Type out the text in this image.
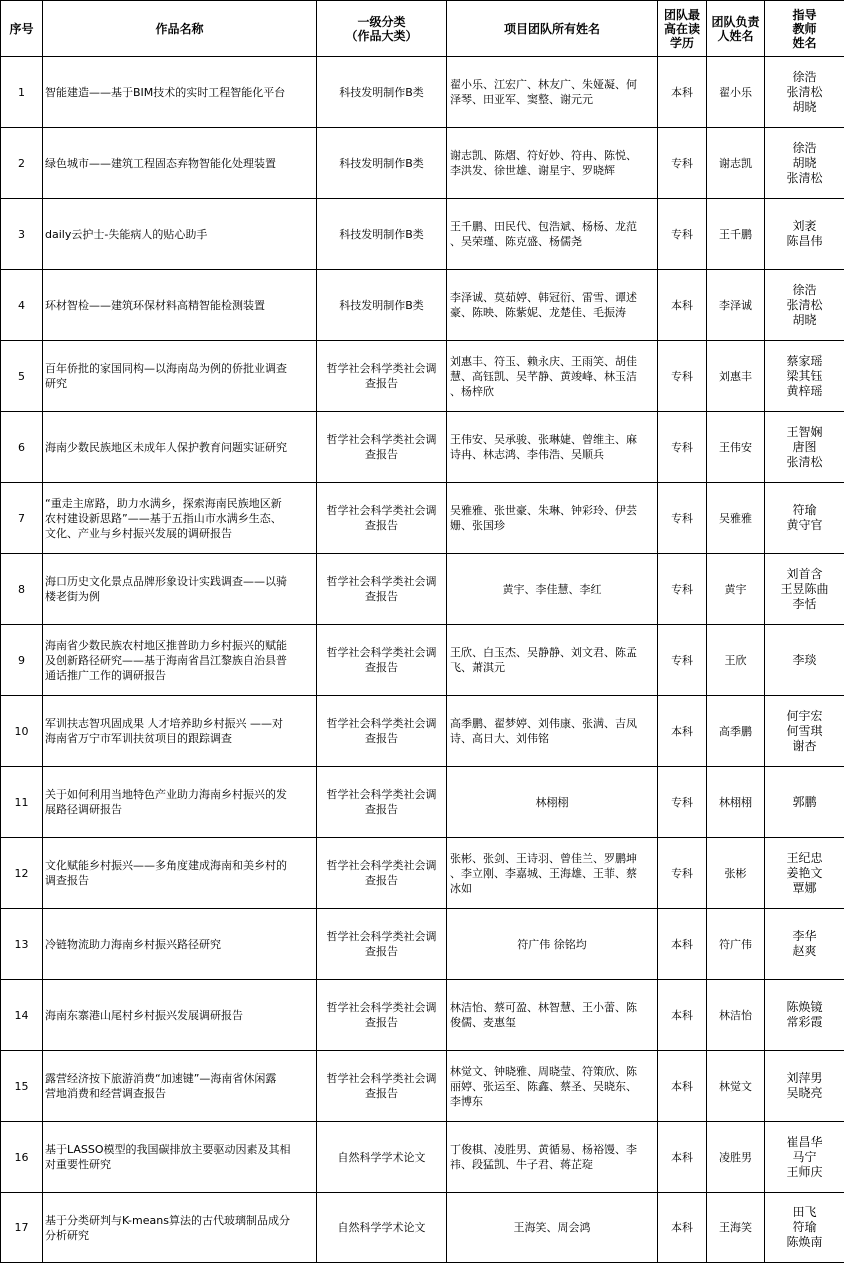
序号	作品名称	一级分类
（作品大类）	项目团队所有姓名	团队最
高在读
学历	团队负责
人姓名	指导
教师
姓名

1	智能建造——基于BIM技术的实时工程智能化平台	科技发明制作B类	翟小乐、江宏广、林友广、朱娅凝、何
泽琴、田亚军、窦整、谢元元	本科	翟小乐	徐浩
张清松
胡晓

2	绿色城市——建筑工程固态弃物智能化处理装置	科技发明制作B类	谢志凯、陈熠、符好妙、符冉、陈悦、
李洪发、徐世雄、谢星宇、罗晓辉	专科	谢志凯	徐浩
胡晓
张清松

3	daily云护士-失能病人的贴心助手	科技发明制作B类	王千鹏、田民代、包浩斌、杨杨、龙范
、吴荣瑾、陈克盛、杨儒尧	专科	王千鹏	刘袤
陈昌伟

4	环材智检——建筑环保材料高精智能检测装置	科技发明制作B类	李泽诚、莫茹婷、韩冠衍、雷雪、谭述
豪、陈映、陈紫妮、龙楚佳、毛振涛	本科	李泽诚	徐浩
张清松
胡晓

5	百年侨批的家国同构—以海南岛为例的侨批业调查
研究	哲学社会科学类社会调
查报告	刘惠丰、符玉、赖永庆、王雨笑、胡佳
慧、高钰凯、吴芊静、黄竣峰、林玉洁
、杨梓欣	专科	刘惠丰	蔡家瑶
梁其钰
黄梓瑶

6	海南少数民族地区未成年人保护教育问题实证研究	哲学社会科学类社会调
查报告	王伟安、吴承骏、张琳婕、曾维主、麻
诗冉、林志鸿、李伟浩、吴顺兵	专科	王伟安	王智娴
唐图
张清松

7	“重走主席路，助力水满乡，探索海南民族地区新
农村建设新思路”——基于五指山市水满乡生态、
文化、产业与乡村振兴发展的调研报告	哲学社会科学类社会调
查报告	吴雅雅、张世豪、朱琳、钟彩玲、伊芸
姗、张国珍	专科	吴雅雅	符瑜
黄守官

8	海口历史文化景点品牌形象设计实践调查——以骑
楼老街为例	哲学社会科学类社会调
查报告	黄宇、李佳慧、李红	专科	黄宇	刘首含
王昱陈曲
李恬

9	海南省少数民族农村地区推普助力乡村振兴的赋能
及创新路径研究——基于海南省昌江黎族自治县普
通话推广工作的调研报告	哲学社会科学类社会调
查报告	王欣、白玉杰、吴静静、刘文君、陈孟
飞、萧淇元	专科	王欣	李琰

10	军训扶志智巩固成果 人才培养助乡村振兴 ——对
海南省万宁市军训扶贫项目的跟踪调查	哲学社会科学类社会调
查报告	高季鹏、翟梦婷、刘伟康、张满、吉凤
诗、高日大、刘伟铭	本科	高季鹏	何宇宏
何雪琪
谢杏

11	关于如何利用当地特色产业助力海南乡村振兴的发
展路径调研报告	哲学社会科学类社会调
查报告	林栩栩	专科	林栩栩	郭鹏

12	文化赋能乡村振兴——多角度建成海南和美乡村的
调查报告	哲学社会科学类社会调
查报告	张彬、张剑、王诗羽、曾佳兰、罗鹏坤
、李立刚、李嘉城、王海雄、王菲、蔡
冰如	专科	张彬	王纪忠
姜艳文
覃娜

13	冷链物流助力海南乡村振兴路径研究	哲学社会科学类社会调
查报告	符广伟 徐铭均	本科	符广伟	李华
赵爽

14	海南东寨港山尾村乡村振兴发展调研报告	哲学社会科学类社会调
查报告	林洁怡、蔡可盈、林智慧、王小蕾、陈
俊儒、麦惠玺	本科	林洁怡	陈焕镜
常彩霞

15	露营经济按下旅游消费“加速键”—海南省休闲露
营地消费和经营调查报告	哲学社会科学类社会调
查报告	林觉文、钟晓雅、周晓莹、符策欣、陈
丽婷、张运至、陈鑫、蔡圣、吴晓东、
李博东	本科	林觉文	刘萍男
吴晓亮

16	基于LASSO模型的我国碳排放主要驱动因素及其相
对重要性研究	自然科学学术论文	丁俊棋、凌胜男、黄循易、杨裕馒、李
祎、段猛凯、牛子君、蒋芷琁	本科	凌胜男	崔昌华
马宁
王师庆

17	基于分类研判与K-means算法的古代玻璃制品成分
分析研究	自然科学学术论文	王海笑、周会鸿	本科	王海笑	田飞
符瑜
陈焕南
